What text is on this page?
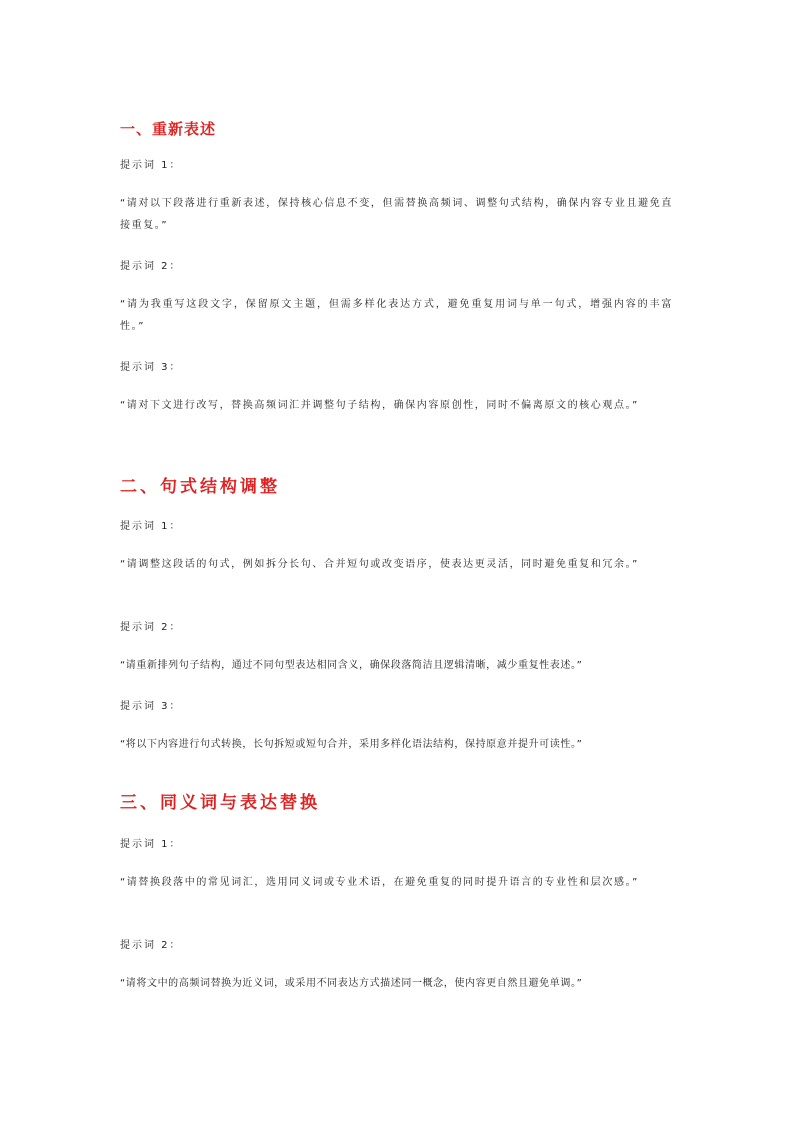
一、重新表述

提示词 1：

“请对以下段落进行重新表述，保持核心信息不变，但需替换高频词、调整句式结构，确保内容专业且避免直接重复。”

提示词 2：

“请为我重写这段文字，保留原文主题，但需多样化表达方式，避免重复用词与单一句式，增强内容的丰富性。”

提示词 3：

“请对下文进行改写，替换高频词汇并调整句子结构，确保内容原创性，同时不偏离原文的核心观点。”

二、句式结构调整

提示词 1：

“请调整这段话的句式，例如拆分长句、合并短句或改变语序，使表达更灵活，同时避免重复和冗余。”

提示词 2：

“请重新排列句子结构，通过不同句型表达相同含义，确保段落简洁且逻辑清晰，减少重复性表述。”

提示词 3：

“将以下内容进行句式转换，长句拆短或短句合并，采用多样化语法结构，保持原意并提升可读性。”

三、同义词与表达替换

提示词 1：

“请替换段落中的常见词汇，选用同义词或专业术语，在避免重复的同时提升语言的专业性和层次感。”

提示词 2：

“请将文中的高频词替换为近义词，或采用不同表达方式描述同一概念，使内容更自然且避免单调。”
